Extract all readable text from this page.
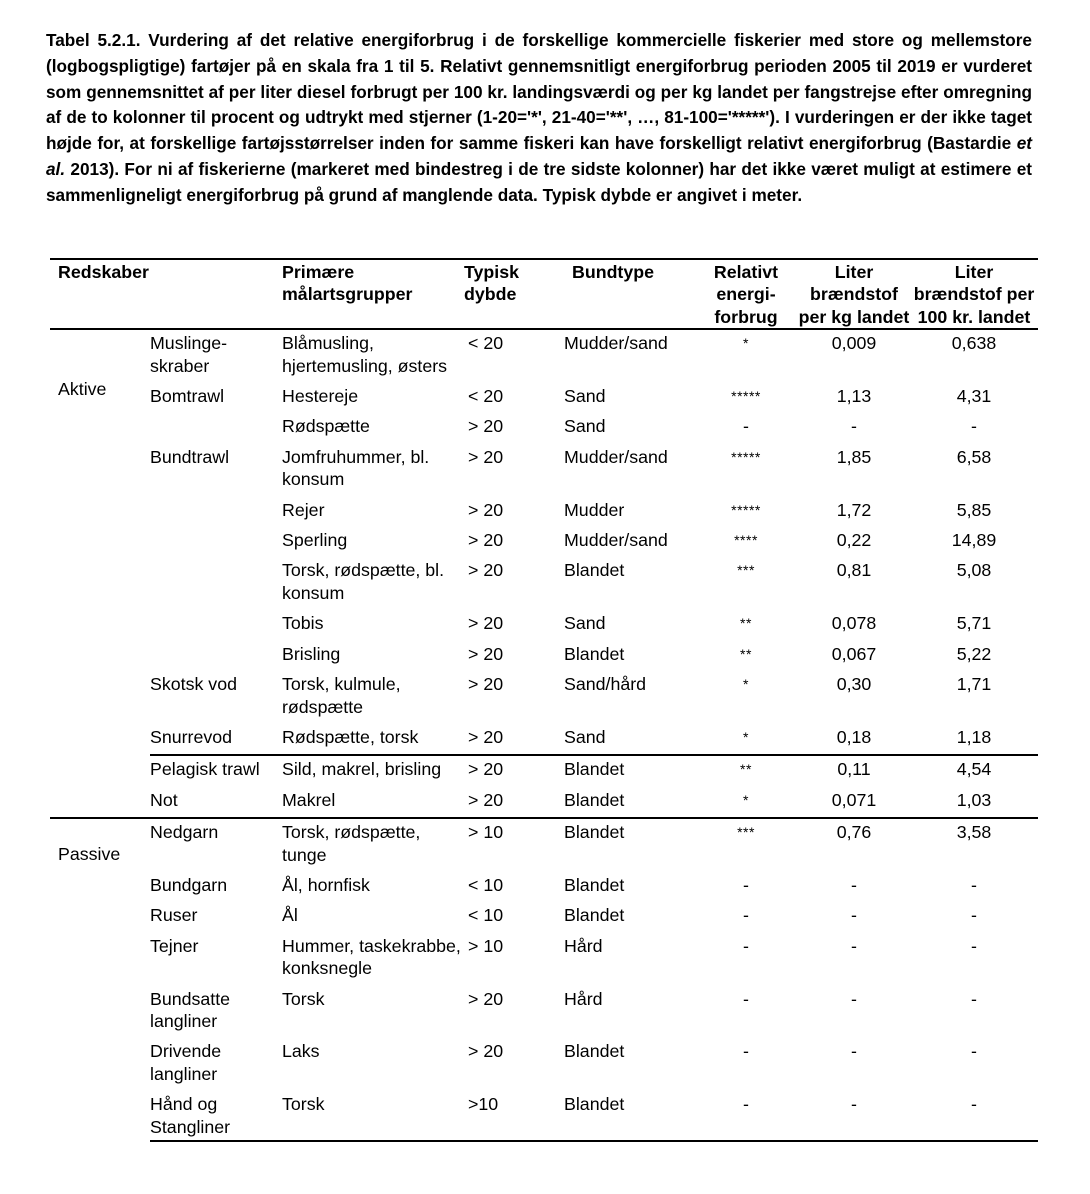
Tabel 5.2.1. Vurdering af det relative energiforbrug i de forskellige kommercielle fiskerier med store og mellemstore (logbogspligtige) fartøjer på en skala fra 1 til 5. Relativt gennemsnitligt energiforbrug perioden 2005 til 2019 er vurderet som gennemsnittet af per liter diesel forbrugt per 100 kr. landingsværdi og per kg landet per fangstrejse efter omregning af de to kolonner til procent og udtrykt med stjerner (1-20='*', 21-40='**', …, 81-100='*****'). I vurderingen er der ikke taget højde for, at forskellige fartøjsstørrelser inden for samme fiskeri kan have forskelligt relativt energiforbrug (Bastardie et al. 2013). For ni af fiskerierne (markeret med bindestreg i de tre sidste kolonner) har det ikke været muligt at estimere et sammenligneligt energiforbrug på grund af manglende data. Typisk dybde er angivet i meter.

Redskaber		Primære målartsgrupper	Typisk dybde	Bundtype	Relativt energi-forbrug	Liter brændstof per kg landet	Liter brændstof per 100 kr. landet
Aktive	Muslinge-skraber	Blåmusling, hjertemusling, østers	< 20	Mudder/sand	*	0,009	0,638
	Bomtrawl	Hestereje	< 20	Sand	*****	1,13	4,31
		Rødspætte	> 20	Sand	-	-	-
	Bundtrawl	Jomfruhummer, bl. konsum	> 20	Mudder/sand	*****	1,85	6,58
		Rejer	> 20	Mudder	*****	1,72	5,85
		Sperling	> 20	Mudder/sand	****	0,22	14,89
		Torsk, rødspætte, bl. konsum	> 20	Blandet	***	0,81	5,08
		Tobis	> 20	Sand	**	0,078	5,71
		Brisling	> 20	Blandet	**	0,067	5,22
	Skotsk vod	Torsk, kulmule, rødspætte	> 20	Sand/hård	*	0,30	1,71
	Snurrevod	Rødspætte, torsk	> 20	Sand	*	0,18	1,18
	Pelagisk trawl	Sild, makrel, brisling	> 20	Blandet	**	0,11	4,54
	Not	Makrel	> 20	Blandet	*	0,071	1,03
Passive	Nedgarn	Torsk, rødspætte, tunge	> 10	Blandet	***	0,76	3,58
	Bundgarn	Ål, hornfisk	< 10	Blandet	-	-	-
	Ruser	Ål	< 10	Blandet	-	-	-
	Tejner	Hummer, taskekrabbe, konksnegle	> 10	Hård	-	-	-
	Bundsatte langliner	Torsk	> 20	Hård	-	-	-
	Drivende langliner	Laks	> 20	Blandet	-	-	-
	Hånd og Stangliner	Torsk	>10	Blandet	-	-	-
